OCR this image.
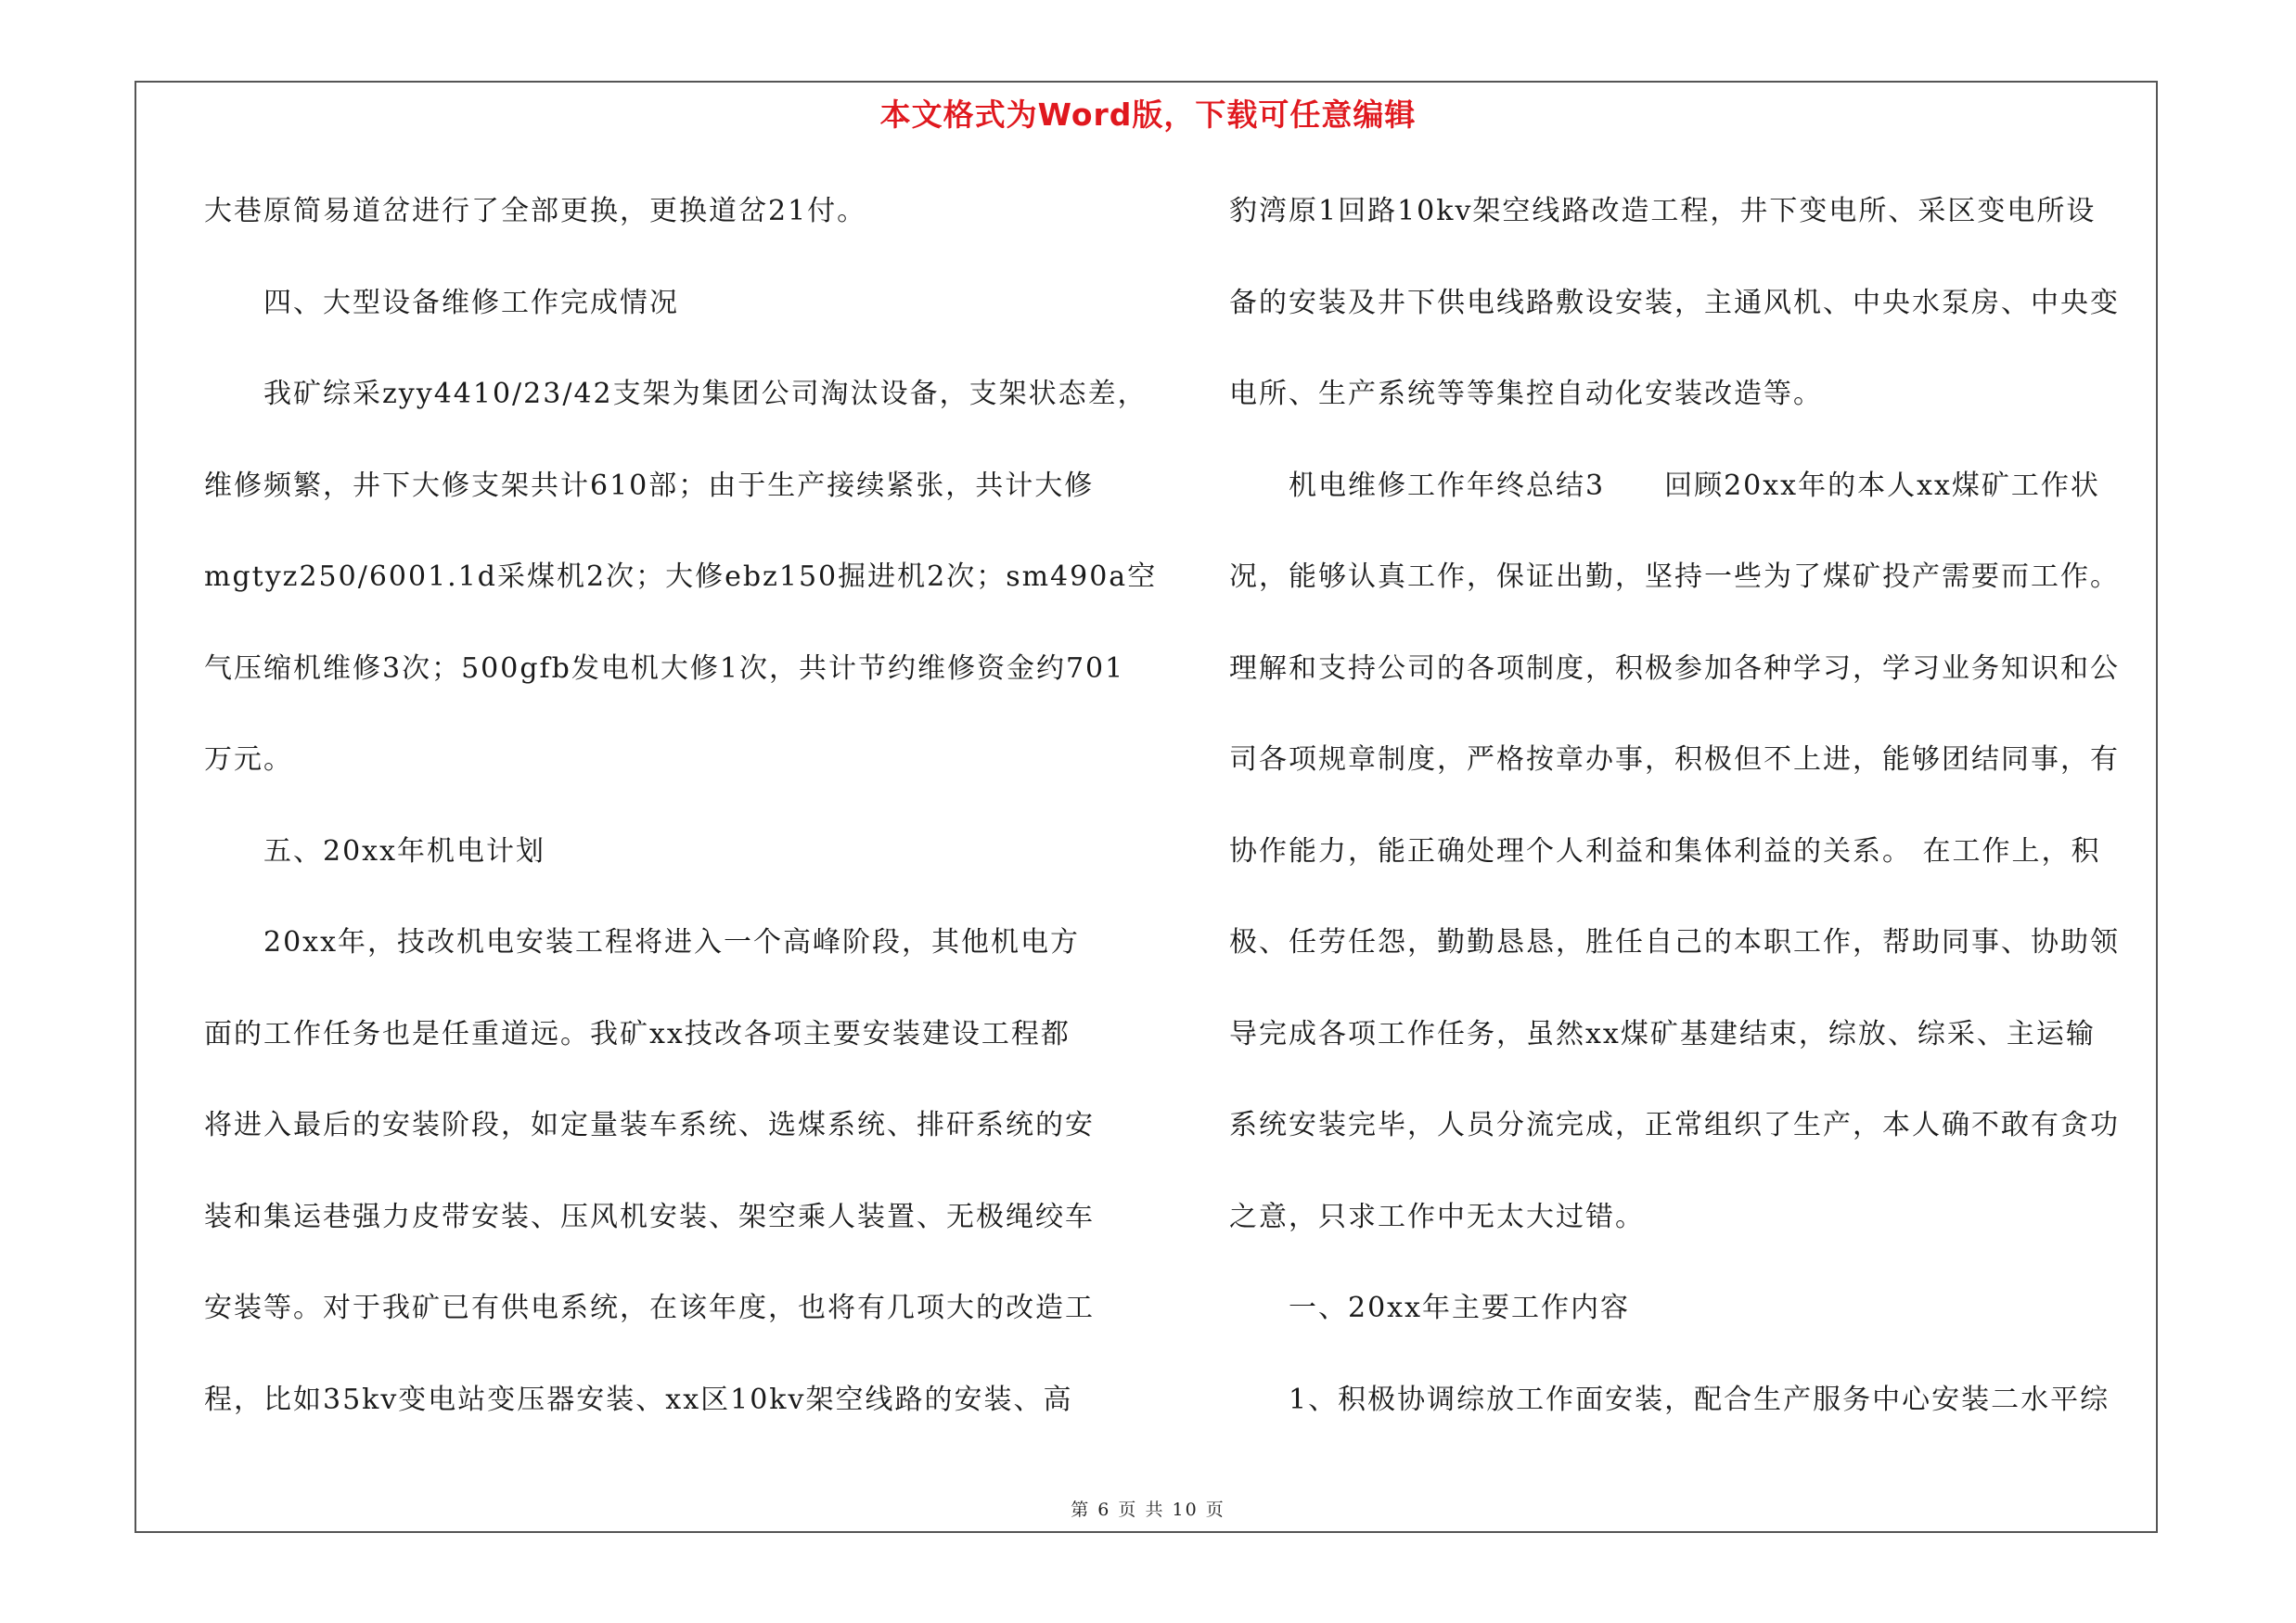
本文格式为Word版，下载可任意编辑
大巷原简易道岔进行了全部更换，更换道岔21付。
　　四、大型设备维修工作完成情况
　　我矿综采zyy4410/23/42支架为集团公司淘汰设备，支架状态差，
维修频繁，井下大修支架共计610部；由于生产接续紧张，共计大修
mgtyz250/6001.1d采煤机2次；大修ebz150掘进机2次；sm490a空
气压缩机维修3次；500gfb发电机大修1次，共计节约维修资金约701
万元。
　　五、20xx年机电计划
　　20xx年，技改机电安装工程将进入一个高峰阶段，其他机电方
面的工作任务也是任重道远。我矿xx技改各项主要安装建设工程都
将进入最后的安装阶段，如定量装车系统、选煤系统、排矸系统的安
装和集运巷强力皮带安装、压风机安装、架空乘人装置、无极绳绞车
安装等。对于我矿已有供电系统，在该年度，也将有几项大的改造工
程，比如35kv变电站变压器安装、xx区10kv架空线路的安装、高
豹湾原1回路10kv架空线路改造工程，井下变电所、采区变电所设
备的安装及井下供电线路敷设安装，主通风机、中央水泵房、中央变
电所、生产系统等等集控自动化安装改造等。
　　机电维修工作年终总结3　　回顾20xx年的本人xx煤矿工作状
况，能够认真工作，保证出勤，坚持一些为了煤矿投产需要而工作。
理解和支持公司的各项制度，积极参加各种学习，学习业务知识和公
司各项规章制度，严格按章办事，积极但不上进，能够团结同事，有
协作能力，能正确处理个人利益和集体利益的关系。 在工作上，积
极、任劳任怨，勤勤恳恳，胜任自己的本职工作，帮助同事、协助领
导完成各项工作任务，虽然xx煤矿基建结束，综放、综采、主运输
系统安装完毕，人员分流完成，正常组织了生产，本人确不敢有贪功
之意，只求工作中无太大过错。
　　一、20xx年主要工作内容
　　1、积极协调综放工作面安装，配合生产服务中心安装二水平综
第 6 页 共 10 页
